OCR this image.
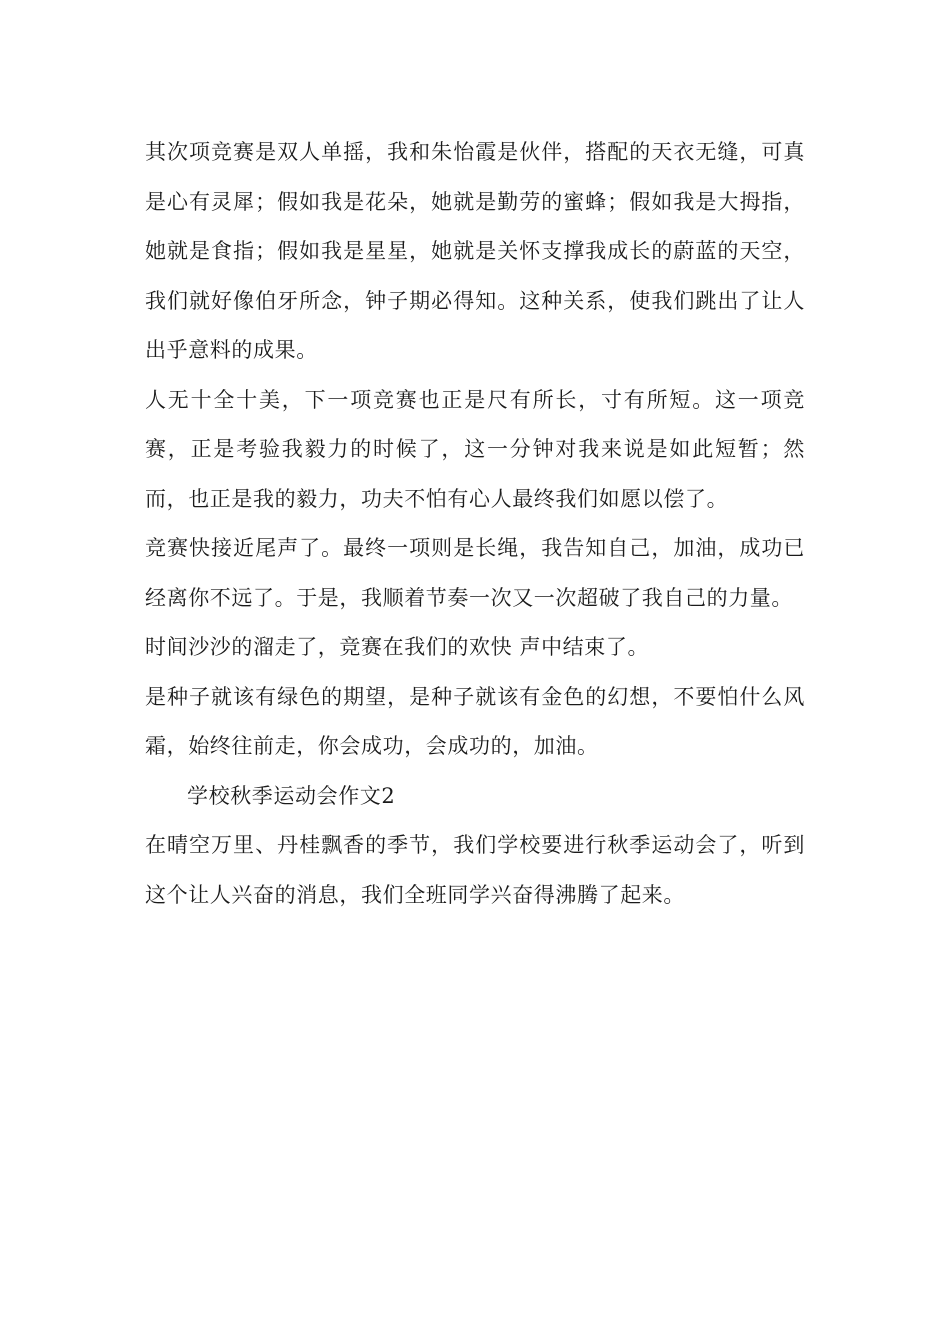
其次项竞赛是双人单摇，我和朱怡霞是伙伴，搭配的天衣无缝，可真是心有灵犀；假如我是花朵，她就是勤劳的蜜蜂；假如我是大拇指，她就是食指；假如我是星星，她就是关怀支撑我成长的蔚蓝的天空，我们就好像伯牙所念，钟子期必得知。这种关系，使我们跳出了让人出乎意料的成果。

人无十全十美，下一项竞赛也正是尺有所长，寸有所短。这一项竞赛，正是考验我毅力的时候了，这一分钟对我来说是如此短暂；然而，也正是我的毅力，功夫不怕有心人最终我们如愿以偿了。

竞赛快接近尾声了。最终一项则是长绳，我告知自己，加油，成功已经离你不远了。于是，我顺着节奏一次又一次超破了我自己的力量。

时间沙沙的溜走了，竞赛在我们的欢快 声中结束了。

是种子就该有绿色的期望，是种子就该有金色的幻想，不要怕什么风霜，始终往前走，你会成功，会成功的，加油。

学校秋季运动会作文2

在晴空万里、丹桂飘香的季节，我们学校要进行秋季运动会了，听到这个让人兴奋的消息，我们全班同学兴奋得沸腾了起来。
